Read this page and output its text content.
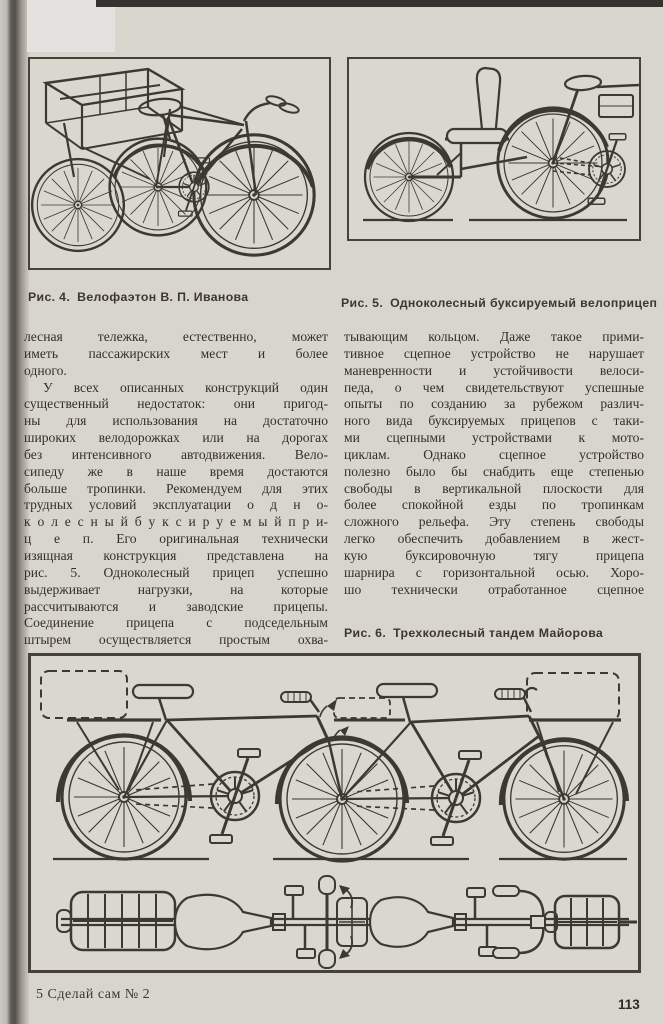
Рис. 4. Велофаэтон В. П. Иванова	Рис. 5. Одноколесный буксируемый велоприцеп
лесная тележка, естественно, может
иметь пассажирских мест и более
одного.
У всех описанных конструкций один
существенный недостаток: они пригод-
ны для использования на достаточно
широких велодорожках или на дорогах
без интенсивного автодвижения. Вело-
сипеду же в наше время достаются
больше тропинки. Рекомендуем для этих
трудных условий эксплуатации о д н о-
к о л е с н ы й б у к с и р у е м ы й п р и-
ц е п. Его оригинальная технически
изящная конструкция представлена на
рис. 5. Одноколесный прицеп успешно
выдерживает нагрузки, на которые
рассчитываются и заводские прицепы.
Соединение прицепа с подседельным
штырем осуществляется простым охва-
тывающим кольцом. Даже такое прими-
тивное сцепное устройство не нарушает
маневренности и устойчивости велоси-
педа, о чем свидетельствуют успешные
опыты по созданию за рубежом различ-
ного вида буксируемых прицепов с таки-
ми сцепными устройствами к мото-
циклам. Однако сцепное устройство
полезно было бы снабдить еще степенью
свободы в вертикальной плоскости для
более спокойной езды по тропинкам
сложного рельефа. Эту степень свободы
легко обеспечить добавлением в жест-
кую буксировочную тягу прицепа
шарнира с горизонтальной осью. Хоро-
шо технически отработанное сцепное
Рис. 6. Трехколесный тандем Майорова
5 Сделай сам № 2
113
